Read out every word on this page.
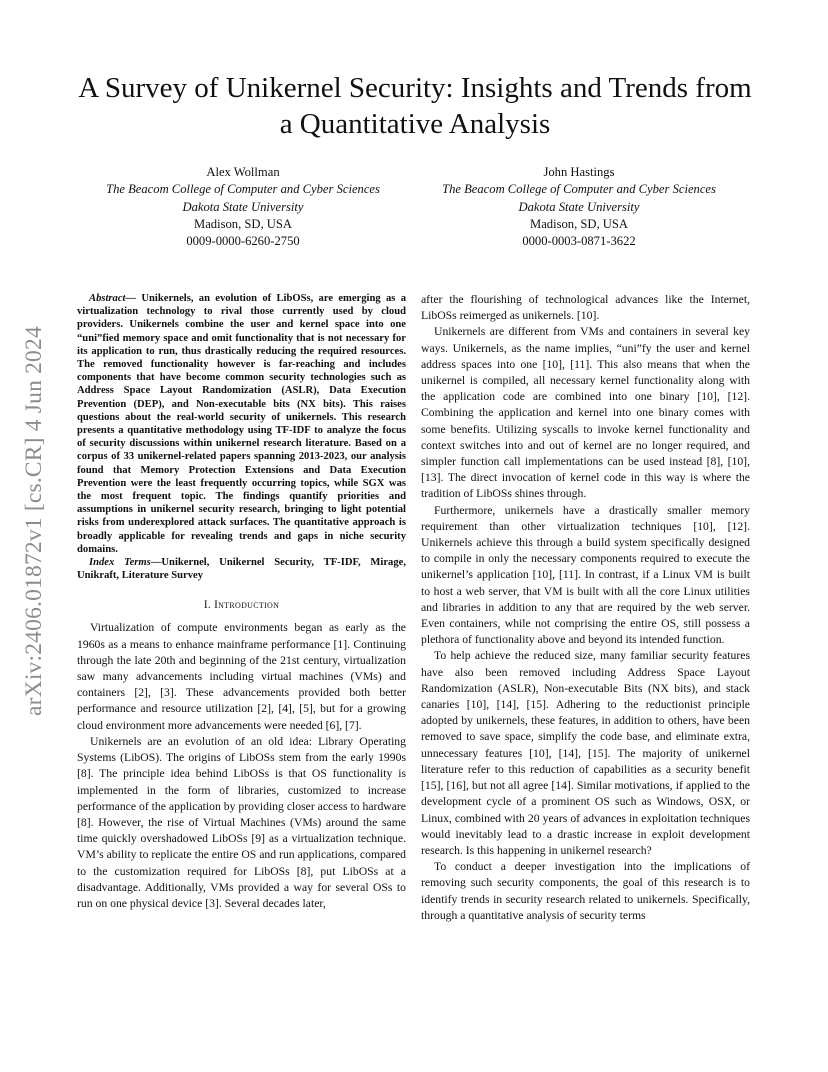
arXiv:2406.01872v1 [cs.CR] 4 Jun 2024
A Survey of Unikernel Security: Insights and Trends from a Quantitative Analysis
Alex Wollman
The Beacom College of Computer and Cyber Sciences
Dakota State University
Madison, SD, USA
0009-0000-6260-2750
John Hastings
The Beacom College of Computer and Cyber Sciences
Dakota State University
Madison, SD, USA
0000-0003-0871-3622

Abstract— Unikernels, an evolution of LibOSs, are emerging as a virtualization technology to rival those currently used by cloud providers. Unikernels combine the user and kernel space into one “uni”fied memory space and omit functionality that is not necessary for its application to run, thus drastically reducing the required resources. The removed functionality however is far-reaching and includes components that have become common security technologies such as Address Space Layout Randomization (ASLR), Data Execution Prevention (DEP), and Non-executable bits (NX bits). This raises questions about the real-world security of unikernels. This research presents a quantitative methodology using TF-IDF to analyze the focus of security discussions within unikernel research literature. Based on a corpus of 33 unikernel-related papers spanning 2013-2023, our analysis found that Memory Protection Extensions and Data Execution Prevention were the least frequently occurring topics, while SGX was the most frequent topic. The findings quantify priorities and assumptions in unikernel security research, bringing to light potential risks from underexplored attack surfaces. The quantitative approach is broadly applicable for revealing trends and gaps in niche security domains.

Index Terms—Unikernel, Unikernel Security, TF-IDF, Mirage, Unikraft, Literature Survey

I. Introduction

Virtualization of compute environments began as early as the 1960s as a means to enhance mainframe performance [1]. Continuing through the late 20th and beginning of the 21st century, virtualization saw many advancements including virtual machines (VMs) and containers [2], [3]. These advancements provided both better performance and resource utilization [2], [4], [5], but for a growing cloud environment more advancements were needed [6], [7].

Unikernels are an evolution of an old idea: Library Operating Systems (LibOS). The origins of LibOSs stem from the early 1990s [8]. The principle idea behind LibOSs is that OS functionality is implemented in the form of libraries, customized to increase performance of the application by providing closer access to hardware [8]. However, the rise of Virtual Machines (VMs) around the same time quickly overshadowed LibOSs [9] as a virtualization technique. VM’s ability to replicate the entire OS and run applications, compared to the customization required for LibOSs [8], put LibOSs at a disadvantage. Additionally, VMs provided a way for several OSs to run on one physical device [3]. Several decades later,

after the flourishing of technological advances like the Internet, LibOSs reimerged as unikernels. [10].

Unikernels are different from VMs and containers in several key ways. Unikernels, as the name implies, “uni”fy the user and kernel address spaces into one [10], [11]. This also means that when the unikernel is compiled, all necessary kernel functionality along with the application code are combined into one binary [10], [12]. Combining the application and kernel into one binary comes with some benefits. Utilizing syscalls to invoke kernel functionality and context switches into and out of kernel are no longer required, and simpler function call implementations can be used instead [8], [10], [13]. The direct invocation of kernel code in this way is where the tradition of LibOSs shines through.

Furthermore, unikernels have a drastically smaller memory requirement than other virtualization techniques [10], [12]. Unikernels achieve this through a build system specifically designed to compile in only the necessary components required to execute the unikernel’s application [10], [11]. In contrast, if a Linux VM is built to host a web server, that VM is built with all the core Linux utilities and libraries in addition to any that are required by the web server. Even containers, while not comprising the entire OS, still possess a plethora of functionality above and beyond its intended function.

To help achieve the reduced size, many familiar security features have also been removed including Address Space Layout Randomization (ASLR), Non-executable Bits (NX bits), and stack canaries [10], [14], [15]. Adhering to the reductionist principle adopted by unikernels, these features, in addition to others, have been removed to save space, simplify the code base, and eliminate extra, unnecessary features [10], [14], [15]. The majority of unikernel literature refer to this reduction of capabilities as a security benefit [15], [16], but not all agree [14]. Similar motivations, if applied to the development cycle of a prominent OS such as Windows, OSX, or Linux, combined with 20 years of advances in exploitation techniques would inevitably lead to a drastic increase in exploit development research. Is this happening in unikernel research?

To conduct a deeper investigation into the implications of removing such security components, the goal of this research is to identify trends in security research related to unikernels. Specifically, through a quantitative analysis of security terms
